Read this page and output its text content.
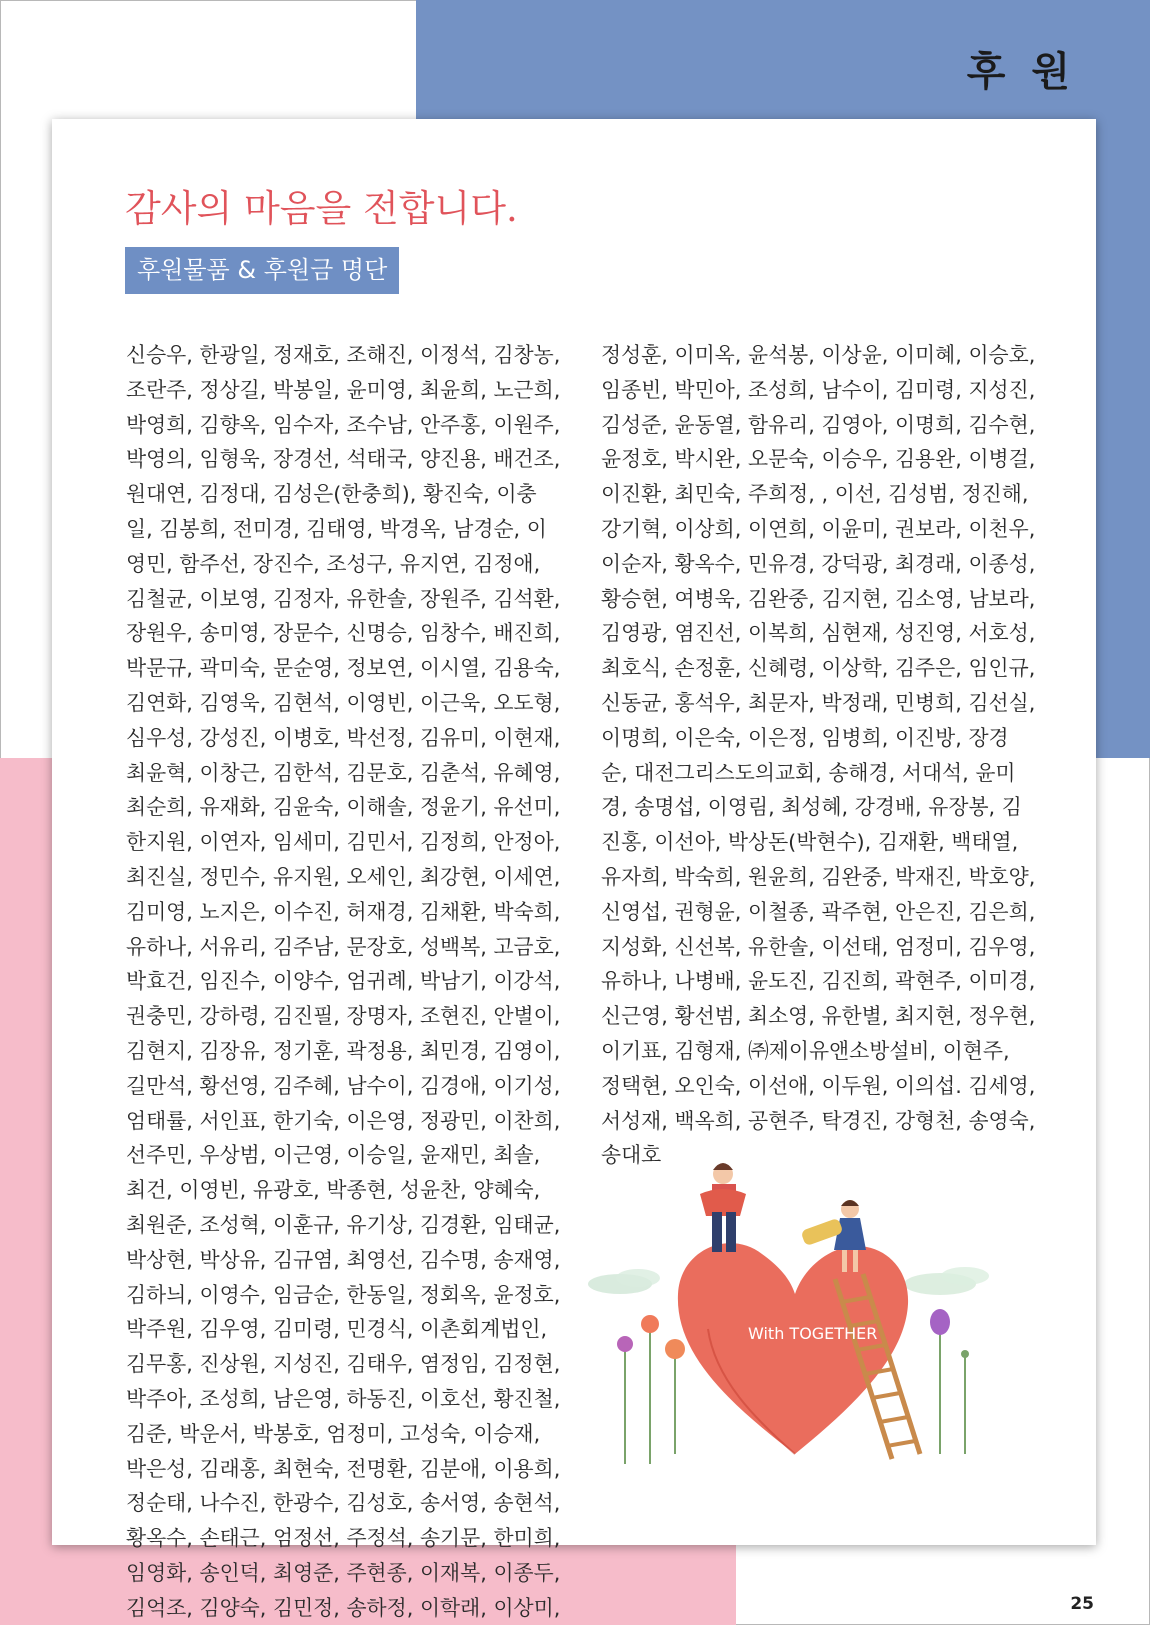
후 원
감사의 마음을 전합니다.
후원물품 & 후원금 명단
신승우, 한광일, 정재호, 조해진, 이정석, 김창농,
조란주, 정상길, 박봉일, 윤미영, 최윤희, 노근희,
박영희, 김향옥, 임수자, 조수남, 안주홍, 이원주,
박영의, 임형욱, 장경선, 석태국, 양진용, 배건조,
원대연, 김정대, 김성은(한충희), 황진숙, 이충
일, 김봉희, 전미경, 김태영, 박경옥, 남경순, 이
영민, 함주선, 장진수, 조성구, 유지연, 김정애,
김철균, 이보영, 김정자, 유한솔, 장원주, 김석환,
장원우, 송미영, 장문수, 신명승, 임창수, 배진희,
박문규, 곽미숙, 문순영, 정보연, 이시열, 김용숙,
김연화, 김영욱, 김현석, 이영빈, 이근욱, 오도형,
심우성, 강성진, 이병호, 박선정, 김유미, 이현재,
최윤혁, 이창근, 김한석, 김문호, 김춘석, 유혜영,
최순희, 유재화, 김윤숙, 이해솔, 정윤기, 유선미,
한지원, 이연자, 임세미, 김민서, 김정희, 안정아,
최진실, 정민수, 유지원, 오세인, 최강현, 이세연,
김미영, 노지은, 이수진, 허재경, 김채환, 박숙희,
유하나, 서유리, 김주남, 문장호, 성백복, 고금호,
박효건, 임진수, 이양수, 엄귀례, 박남기, 이강석,
권충민, 강하령, 김진필, 장명자, 조현진, 안별이,
김현지, 김장유, 정기훈, 곽정용, 최민경, 김영이,
길만석, 황선영, 김주혜, 남수이, 김경애, 이기성,
엄태률, 서인표, 한기숙, 이은영, 정광민, 이찬희,
선주민, 우상범, 이근영, 이승일, 윤재민, 최솔,
최건, 이영빈, 유광호, 박종현, 성윤찬, 양혜숙,
최원준, 조성혁, 이훈규, 유기상, 김경환, 임태균,
박상현, 박상유, 김규염, 최영선, 김수명, 송재영,
김하늬, 이영수, 임금순, 한동일, 정회옥, 윤정호,
박주원, 김우영, 김미령, 민경식, 이촌회계법인,
김무홍, 진상원, 지성진, 김태우, 염정임, 김정현,
박주아, 조성희, 남은영, 하동진, 이호선, 황진철,
김준, 박운서, 박봉호, 엄정미, 고성숙, 이승재,
박은성, 김래홍, 최현숙, 전명환, 김분애, 이용희,
정순태, 나수진, 한광수, 김성호, 송서영, 송현석,
황옥수, 손태근, 엄정선, 주정석, 송기문, 한미희,
임영화, 송인덕, 최영준, 주현종, 이재복, 이종두,
김억조, 김양숙, 김민정, 송하정, 이학래, 이상미,
정성훈, 이미옥, 윤석봉, 이상윤, 이미혜, 이승호,
임종빈, 박민아, 조성희, 남수이, 김미령, 지성진,
김성준, 윤동열, 함유리, 김영아, 이명희, 김수현,
윤정호, 박시완, 오문숙, 이승우, 김용완, 이병걸,
이진환, 최민숙, 주희정, , 이선, 김성범, 정진해,
강기혁, 이상희, 이연희, 이윤미, 권보라, 이천우,
이순자, 황옥수, 민유경, 강덕광, 최경래, 이종성,
황승현, 여병욱, 김완중, 김지현, 김소영, 남보라,
김영광, 염진선, 이복희, 심현재, 성진영, 서호성,
최호식, 손정훈, 신혜령, 이상학, 김주은, 임인규,
신동균, 홍석우, 최문자, 박정래, 민병희, 김선실,
이명희, 이은숙, 이은정, 임병희, 이진방, 장경
순, 대전그리스도의교회, 송해경, 서대석, 윤미
경, 송명섭, 이영림, 최성혜, 강경배, 유장봉, 김
진홍, 이선아, 박상돈(박현수), 김재환, 백태열,
유자희, 박숙희, 원윤희, 김완중, 박재진, 박호양,
신영섭, 권형윤, 이철종, 곽주현, 안은진, 김은희,
지성화, 신선복, 유한솔, 이선태, 엄정미, 김우영,
유하나, 나병배, 윤도진, 김진희, 곽현주, 이미경,
신근영, 황선범, 최소영, 유한별, 최지현, 정우현,
이기표, 김형재, ㈜제이유앤소방설비, 이현주,
정택현, 오인숙, 이선애, 이두원, 이의섭. 김세영,
서성재, 백옥희, 공현주, 탁경진, 강형천, 송영숙,
송대호
With TOGETHER
25
